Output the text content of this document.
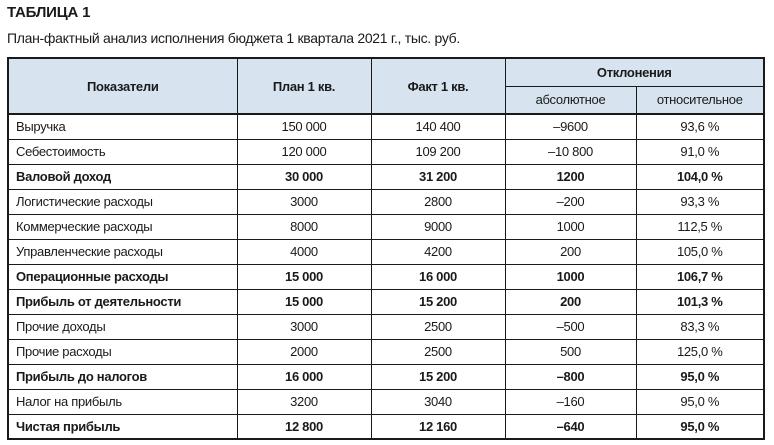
ТАБЛИЦА 1
План-фактный анализ исполнения бюджета 1 квартала 2021 г., тыс. руб.
Показатели	План 1 кв.	Факт 1 кв.	Отклонения	
			абсолютное	относительное
Выручка	150 000	140 400	–9600	93,6 %
Себестоимость	120 000	109 200	–10 800	91,0 %
Валовой доход	30 000	31 200	1200	104,0 %
Логистические расходы	3000	2800	–200	93,3 %
Коммерческие расходы	8000	9000	1000	112,5 %
Управленческие расходы	4000	4200	200	105,0 %
Операционные расходы	15 000	16 000	1000	106,7 %
Прибыль от деятельности	15 000	15 200	200	101,3 %
Прочие доходы	3000	2500	–500	83,3 %
Прочие расходы	2000	2500	500	125,0 %
Прибыль до налогов	16 000	15 200	–800	95,0 %
Налог на прибыль	3200	3040	–160	95,0 %
Чистая прибыль	12 800	12 160	–640	95,0 %
